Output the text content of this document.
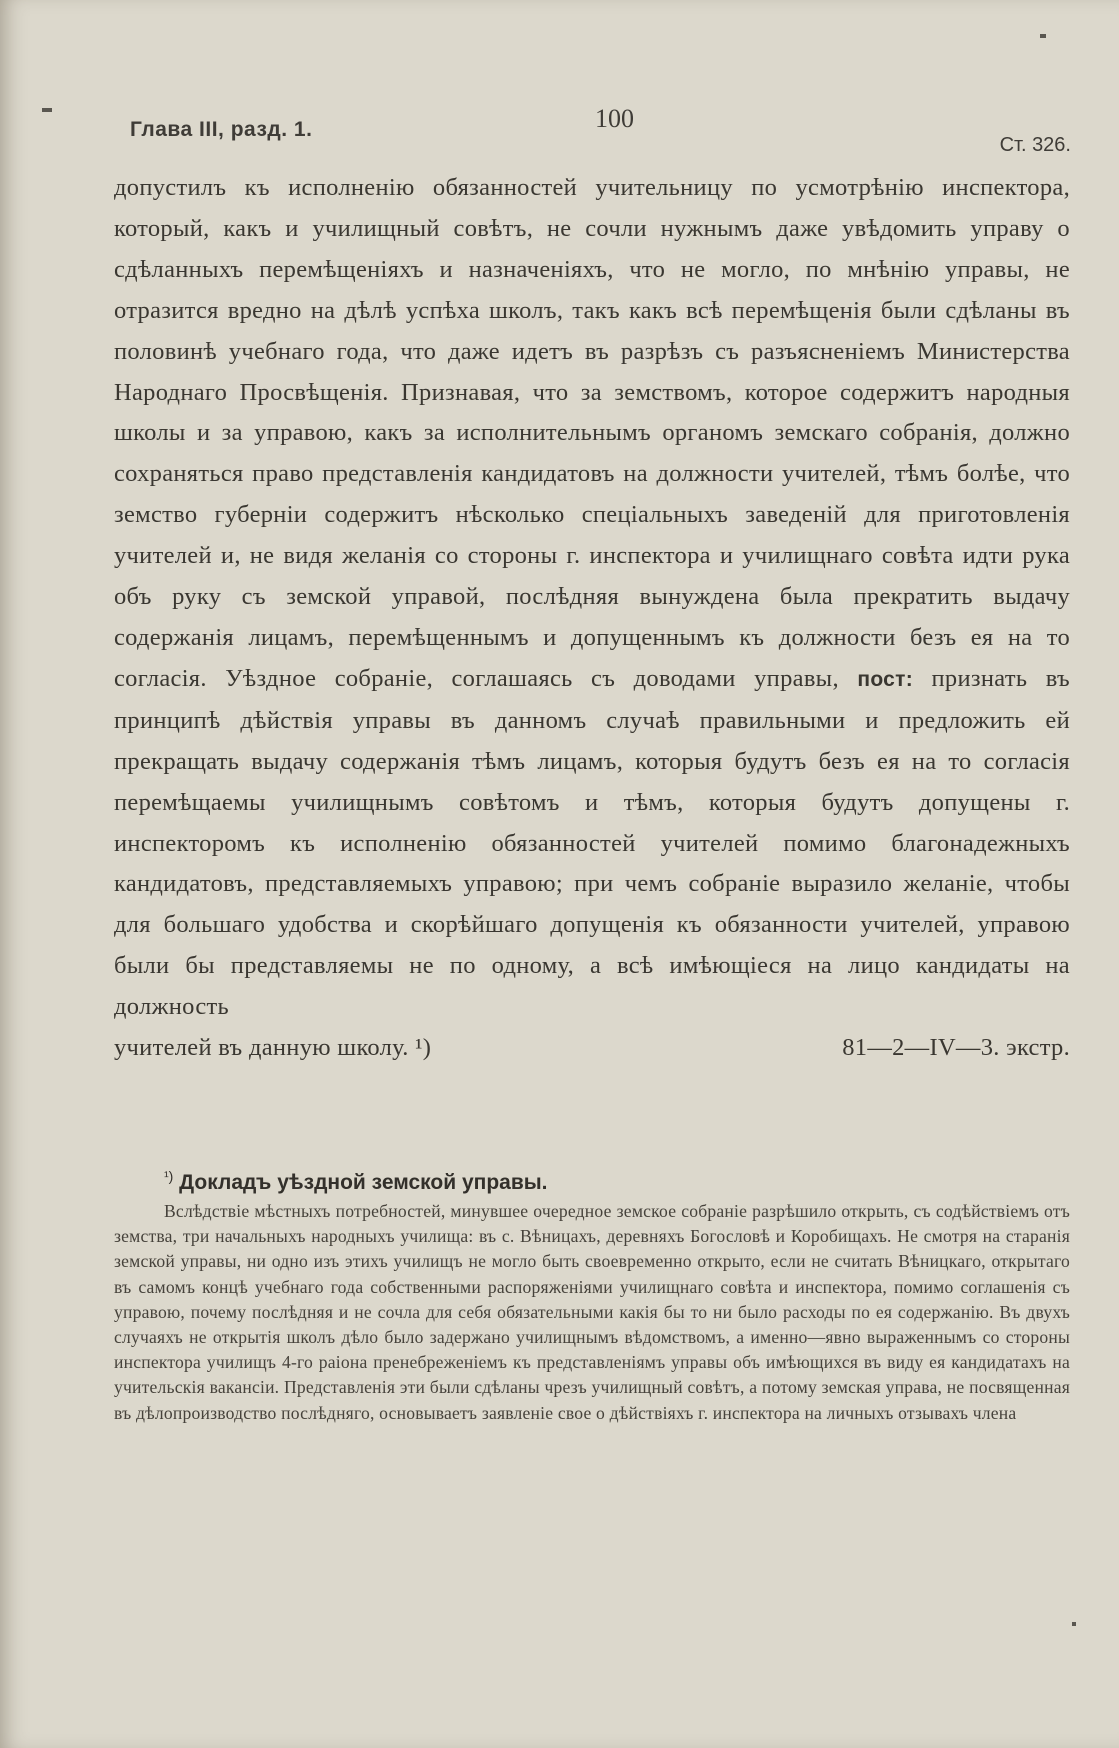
Глава III, разд. 1.	100
Ст. 326.

допустилъ къ исполненію обязанностей учительницу по усмотрѣнію инспектора, который, какъ и училищный совѣтъ, не сочли нужнымъ даже увѣдомить управу о сдѣланныхъ перемѣщеніяхъ и назначеніяхъ, что не могло, по мнѣнію управы, не отразится вредно на дѣлѣ успѣха школъ, такъ какъ всѣ перемѣщенія были сдѣланы въ половинѣ учебнаго года, что даже идетъ въ разрѣзъ съ разъясненіемъ Министерства Народнаго Просвѣщенія. Признавая, что за земствомъ, которое содержитъ народныя школы и за управою, какъ за исполнительнымъ органомъ земскаго собранія, должно сохраняться право представленія кандидатовъ на должности учителей, тѣмъ болѣе, что земство губерніи содержитъ нѣсколько спеціальныхъ заведеній для приготовленія учителей и, не видя желанія со стороны г. инспектора и училищнаго совѣта идти рука объ руку съ земской управой, послѣдняя вынуждена была прекратить выдачу содержанія лицамъ, перемѣщеннымъ и допущеннымъ къ должности безъ ея на то согласія. Уѣздное собраніе, соглашаясь съ доводами управы, пост: признать въ принципѣ дѣйствія управы въ данномъ случаѣ правильными и предложить ей прекращать выдачу содержанія тѣмъ лицамъ, которыя будутъ безъ ея на то согласія перемѣщаемы училищнымъ совѣтомъ и тѣмъ, которыя будутъ допущены г. инспекторомъ къ исполненію обязанностей учителей помимо благонадежныхъ кандидатовъ, представляемыхъ управою; при чемъ собраніе выразило желаніе, чтобы для большаго удобства и скорѣйшаго допущенія къ обязанности учителей, управою были бы представляемы не по одному, а всѣ имѣющіеся на лицо кандидаты на должность

учителей въ данную школу. ¹)	81—2—IV—3. экстр.
$^{^1)}$ Докладъ уѣздной земской управы.

Вслѣдствіе мѣстныхъ потребностей, минувшее очередное земское собраніе разрѣшило открыть, съ содѣйствіемъ отъ земства, три начальныхъ народныхъ училища: въ с. Вѣницахъ, деревняхъ Богословѣ и Коробищахъ. Не смотря на старанія земской управы, ни одно изъ этихъ училищъ не могло быть своевременно открыто, если не считать Вѣницкаго, открытаго въ самомъ концѣ учебнаго года собственными распоряженіями училищнаго совѣта и инспектора, помимо соглашенія съ управою, почему послѣдняя и не сочла для себя обязательными какія бы то ни было расходы по ея содержанію. Въ двухъ случаяхъ не открытія школъ дѣло было задержано училищнымъ вѣдомствомъ, а именно—явно выраженнымъ со стороны инспектора училищъ 4-го раіона пренебреженіемъ къ представленіямъ управы объ имѣющихся въ виду ея кандидатахъ на учительскія вакансіи. Представленія эти были сдѣланы чрезъ училищный совѣтъ, а потому земская управа, не посвященная въ дѣлопроизводство послѣдняго, основываетъ заявленіе свое о дѣйствіяхъ г. инспектора на личныхъ отзывахъ члена
